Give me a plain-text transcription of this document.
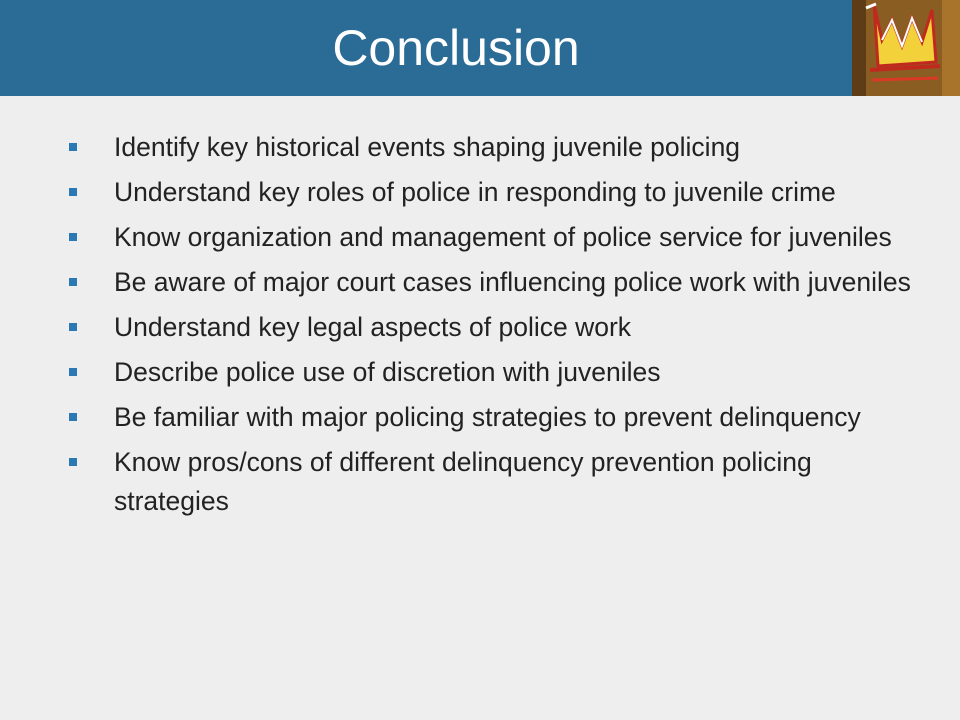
Conclusion
Identify key historical events shaping juvenile policing
Understand key roles of police in responding to juvenile crime
Know organization and management of police service for juveniles
Be aware of major court cases influencing police work with juveniles
Understand key legal aspects of police work
Describe police use of discretion with juveniles
Be familiar with major policing strategies to prevent delinquency
Know pros/cons of different delinquency prevention policing strategies
